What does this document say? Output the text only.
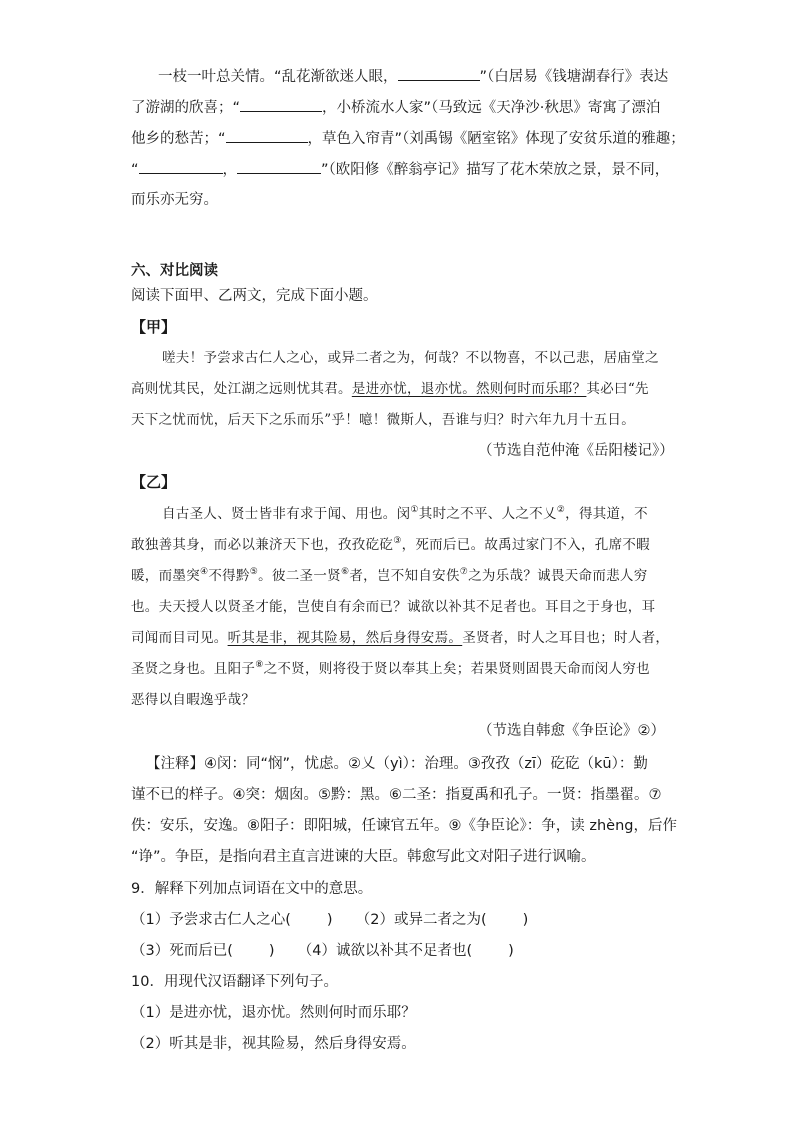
一枝一叶总关情。“乱花渐欲迷人眼，	”（白居易《钱塘湖春行》表达
了游湖的欣喜；“	，小桥流水人家”（马致远《天净沙·秋思》寄寓了漂泊
他乡的愁苦；“	，草色入帘青”（刘禹锡《陋室铭》体现了安贫乐道的雅趣；
“	，	”（欧阳修《醉翁亭记》描写了花木荣放之景，景不同，
而乐亦无穷。
六、对比阅读
阅读下面甲、乙两文，完成下面小题。
【甲】
嗟夫！予尝求古仁人之心，或异二者之为，何哉？不以物喜，不以己悲，居庙堂之
高则忧其民，处江湖之远则忧其君。是进亦忧，退亦忧。然则何时而乐耶？其必曰“先
天下之忧而忧，后天下之乐而乐”乎！噫！微斯人，吾谁与归？时六年九月十五日。
（节选自范仲淹《岳阳楼记》）
【乙】
自古圣人、贤士皆非有求于闻、用也。闵①其时之不平、人之不乂②，得其道，不
敢独善其身，而必以兼济天下也，孜孜矻矻③，死而后已。故禹过家门不入，孔席不暇
暖，而墨突④不得黔⑤。彼二圣一贤⑥者，岂不知自安佚⑦之为乐哉？诚畏天命而悲人穷
也。夫天授人以贤圣才能，岂使自有余而已？诚欲以补其不足者也。耳目之于身也，耳
司闻而目司见。听其是非，视其险易，然后身得安焉。圣贤者，时人之耳目也；时人者，
圣贤之身也。且阳子⑧之不贤，则将役于贤以奉其上矣；若果贤则固畏天命而闵人穷也
恶得以自暇逸乎哉？
（节选自韩愈《争臣论》②）
【注释】④闵：同“悯”，忧虑。②乂（yì）：治理。③孜孜（zī）矻矻（kū）：勤
谨不已的样子。④突：烟囱。⑤黔：黑。⑥二圣：指夏禹和孔子。一贤：指墨翟。⑦
佚：安乐，安逸。⑧阳子：即阳城，任谏官五年。⑨《争臣论》：争，读 zhèng，后作
“诤”。争臣，是指向君主直言进谏的大臣。韩愈写此文对阳子进行讽喻。
9．解释下列加点词语在文中的意思。
（1）予尝求古仁人之心( ) （2）或异二者之为( )
（3）死而后已( ) （4）诚欲以补其不足者也( )
10．用现代汉语翻译下列句子。
（1）是进亦忧，退亦忧。然则何时而乐耶？
（2）听其是非，视其险易，然后身得安焉。
